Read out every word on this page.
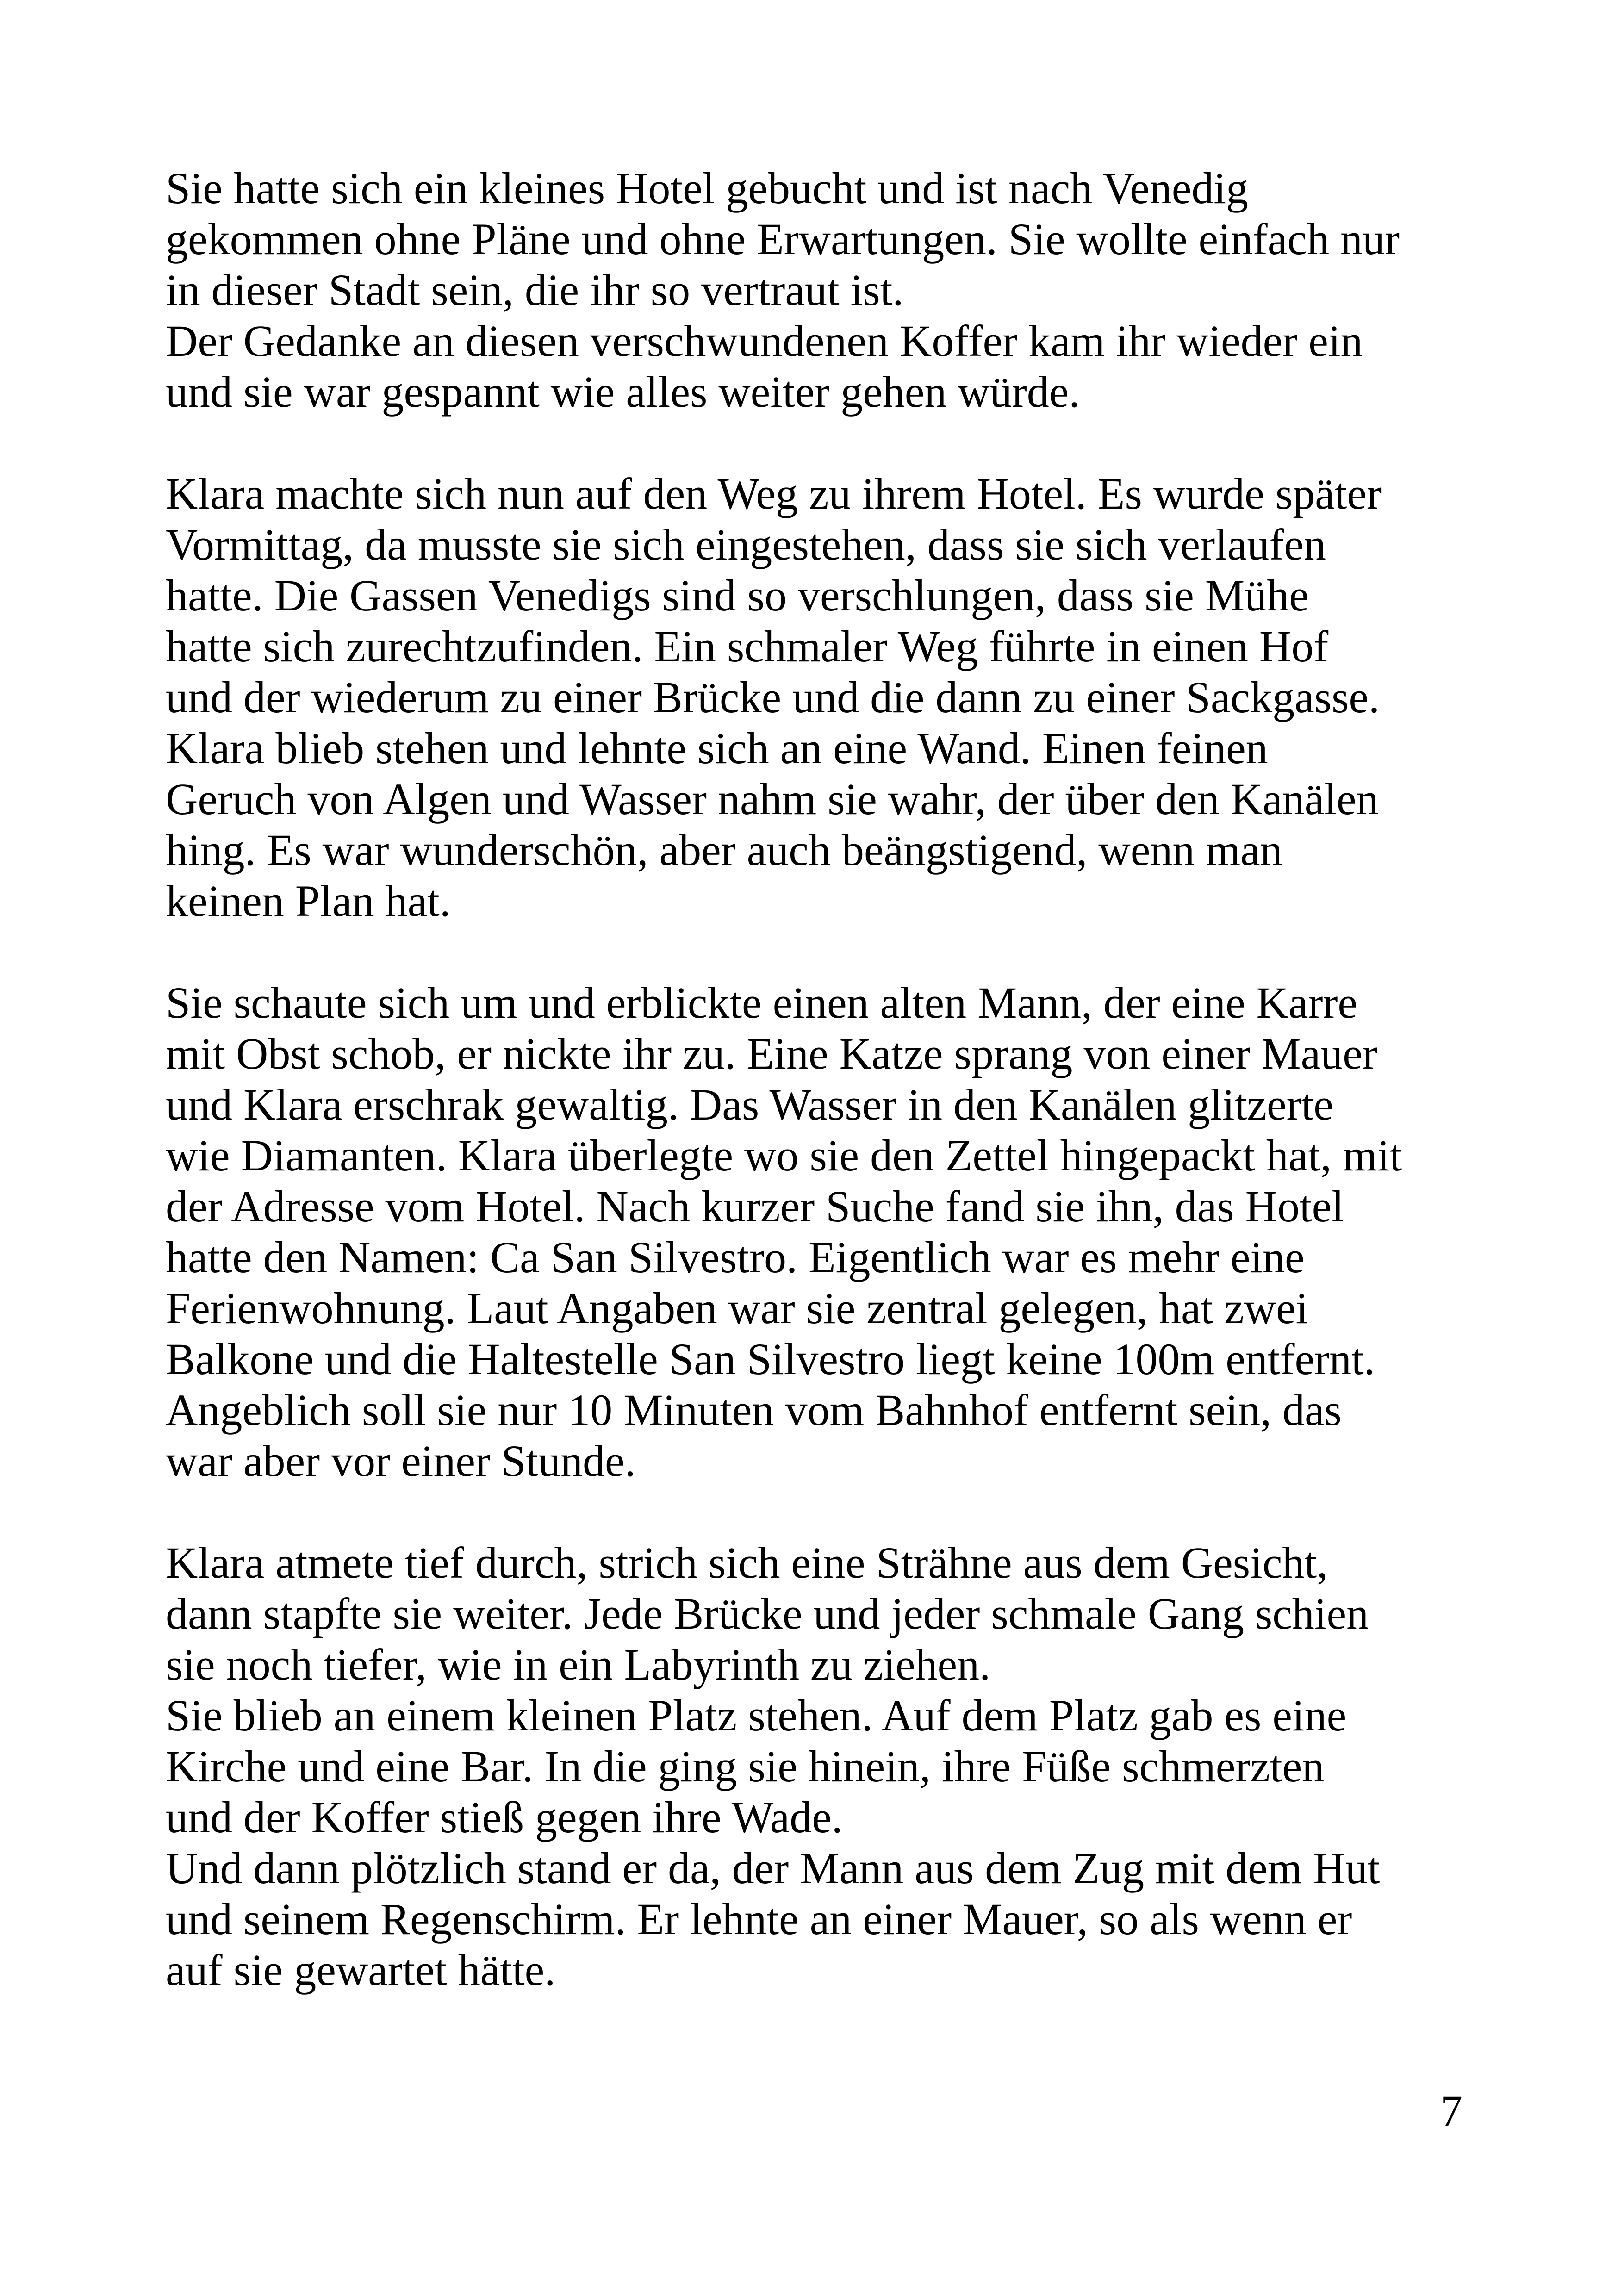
Sie hatte sich ein kleines Hotel gebucht und ist nach Venedig
gekommen ohne Pläne und ohne Erwartungen. Sie wollte einfach nur
in dieser Stadt sein, die ihr so vertraut ist.
Der Gedanke an diesen verschwundenen Koffer kam ihr wieder ein
und sie war gespannt wie alles weiter gehen würde.

Klara machte sich nun auf den Weg zu ihrem Hotel. Es wurde später
Vormittag, da musste sie sich eingestehen, dass sie sich verlaufen
hatte. Die Gassen Venedigs sind so verschlungen, dass sie Mühe
hatte sich zurechtzufinden. Ein schmaler Weg führte in einen Hof
und der wiederum zu einer Brücke und die dann zu einer Sackgasse.
Klara blieb stehen und lehnte sich an eine Wand. Einen feinen
Geruch von Algen und Wasser nahm sie wahr, der über den Kanälen
hing. Es war wunderschön, aber auch beängstigend, wenn man
keinen Plan hat.

Sie schaute sich um und erblickte einen alten Mann, der eine Karre
mit Obst schob, er nickte ihr zu. Eine Katze sprang von einer Mauer
und Klara erschrak gewaltig. Das Wasser in den Kanälen glitzerte
wie Diamanten. Klara überlegte wo sie den Zettel hingepackt hat, mit
der Adresse vom Hotel. Nach kurzer Suche fand sie ihn, das Hotel
hatte den Namen: Ca San Silvestro. Eigentlich war es mehr eine
Ferienwohnung. Laut Angaben war sie zentral gelegen, hat zwei
Balkone und die Haltestelle San Silvestro liegt keine 100m entfernt.
Angeblich soll sie nur 10 Minuten vom Bahnhof entfernt sein, das
war aber vor einer Stunde.

Klara atmete tief durch, strich sich eine Strähne aus dem Gesicht,
dann stapfte sie weiter. Jede Brücke und jeder schmale Gang schien
sie noch tiefer, wie in ein Labyrinth zu ziehen.
Sie blieb an einem kleinen Platz stehen. Auf dem Platz gab es eine
Kirche und eine Bar. In die ging sie hinein, ihre Füße schmerzten
und der Koffer stieß gegen ihre Wade.
Und dann plötzlich stand er da, der Mann aus dem Zug mit dem Hut
und seinem Regenschirm. Er lehnte an einer Mauer, so als wenn er
auf sie gewartet hätte.

7
